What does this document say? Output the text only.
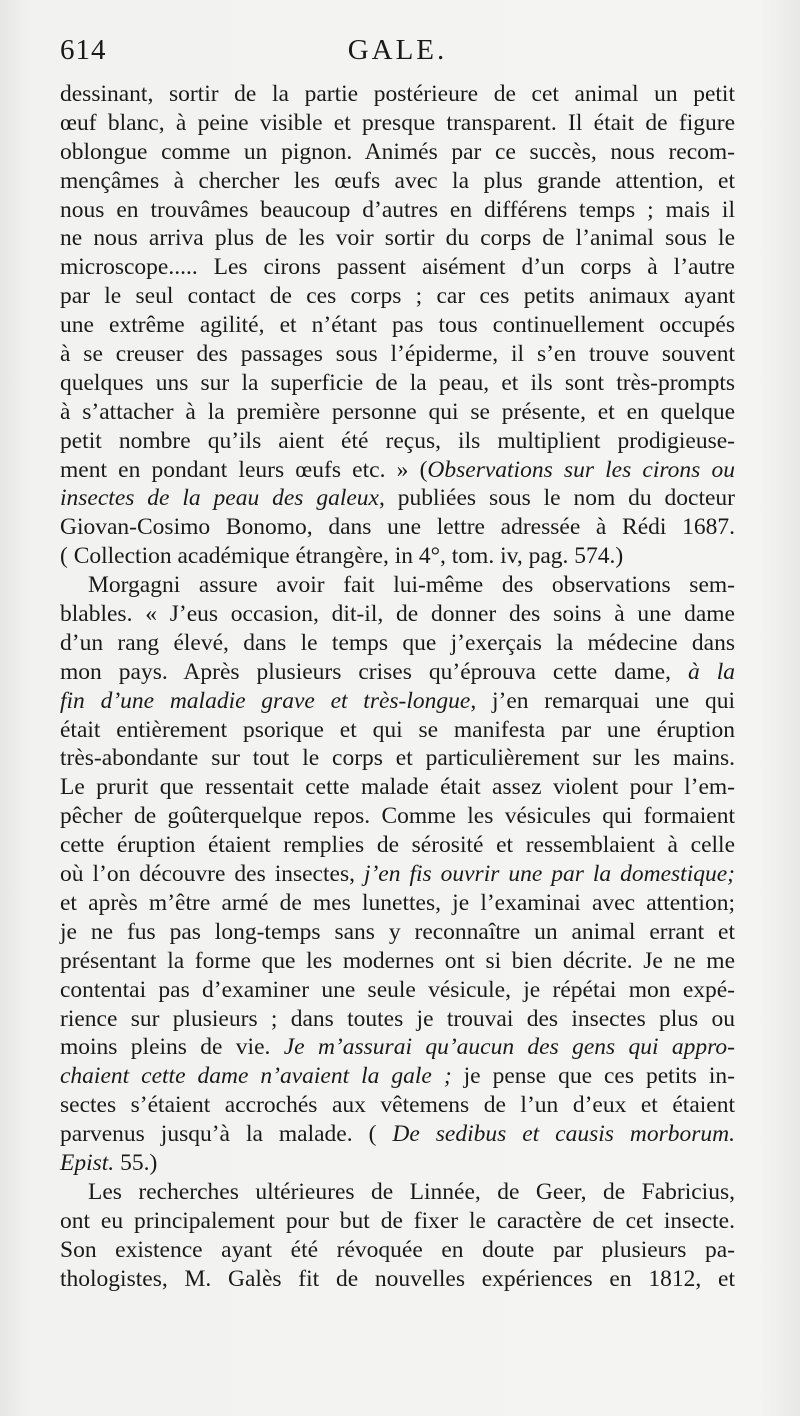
614	GALE.
dessinant, sortir de la partie postérieure de cet animal un petit
œuf blanc, à peine visible et presque transparent. Il était de figure
oblongue comme un pignon. Animés par ce succès, nous recom-
mençâmes à chercher les œufs avec la plus grande attention, et
nous en trouvâmes beaucoup d’autres en différens temps ; mais il
ne nous arriva plus de les voir sortir du corps de l’animal sous le
microscope..... Les cirons passent aisément d’un corps à l’autre
par le seul contact de ces corps ; car ces petits animaux ayant
une extrême agilité, et n’étant pas tous continuellement occupés
à se creuser des passages sous l’épiderme, il s’en trouve souvent
quelques uns sur la superficie de la peau, et ils sont très-prompts
à s’attacher à la première personne qui se présente, et en quelque
petit nombre qu’ils aient été reçus, ils multiplient prodigieuse-
ment en pondant leurs œufs etc. » (Observations sur les cirons ou
insectes de la peau des galeux, publiées sous le nom du docteur
Giovan-Cosimo Bonomo, dans une lettre adressée à Rédi 1687.
( Collection académique étrangère, in 4°, tom. iv, pag. 574.)
Morgagni assure avoir fait lui-même des observations sem-
blables. « J’eus occasion, dit-il, de donner des soins à une dame
d’un rang élevé, dans le temps que j’exerçais la médecine dans
mon pays. Après plusieurs crises qu’éprouva cette dame, à la
fin d’une maladie grave et très-longue, j’en remarquai une qui
était entièrement psorique et qui se manifesta par une éruption
très-abondante sur tout le corps et particulièrement sur les mains.
Le prurit que ressentait cette malade était assez violent pour l’em-
pêcher de goûterquelque repos. Comme les vésicules qui formaient
cette éruption étaient remplies de sérosité et ressemblaient à celle
où l’on découvre des insectes, j’en fis ouvrir une par la domestique;
et après m’être armé de mes lunettes, je l’examinai avec attention;
je ne fus pas long-temps sans y reconnaître un animal errant et
présentant la forme que les modernes ont si bien décrite. Je ne me
contentai pas d’examiner une seule vésicule, je répétai mon expé-
rience sur plusieurs ; dans toutes je trouvai des insectes plus ou
moins pleins de vie. Je m’assurai qu’aucun des gens qui appro-
chaient cette dame n’avaient la gale ; je pense que ces petits in-
sectes s’étaient accrochés aux vêtemens de l’un d’eux et étaient
parvenus jusqu’à la malade. ( De sedibus et causis morborum.
Epist. 55.)
Les recherches ultérieures de Linnée, de Geer, de Fabricius,
ont eu principalement pour but de fixer le caractère de cet insecte.
Son existence ayant été révoquée en doute par plusieurs pa-
thologistes, M. Galès fit de nouvelles expériences en 1812, et
